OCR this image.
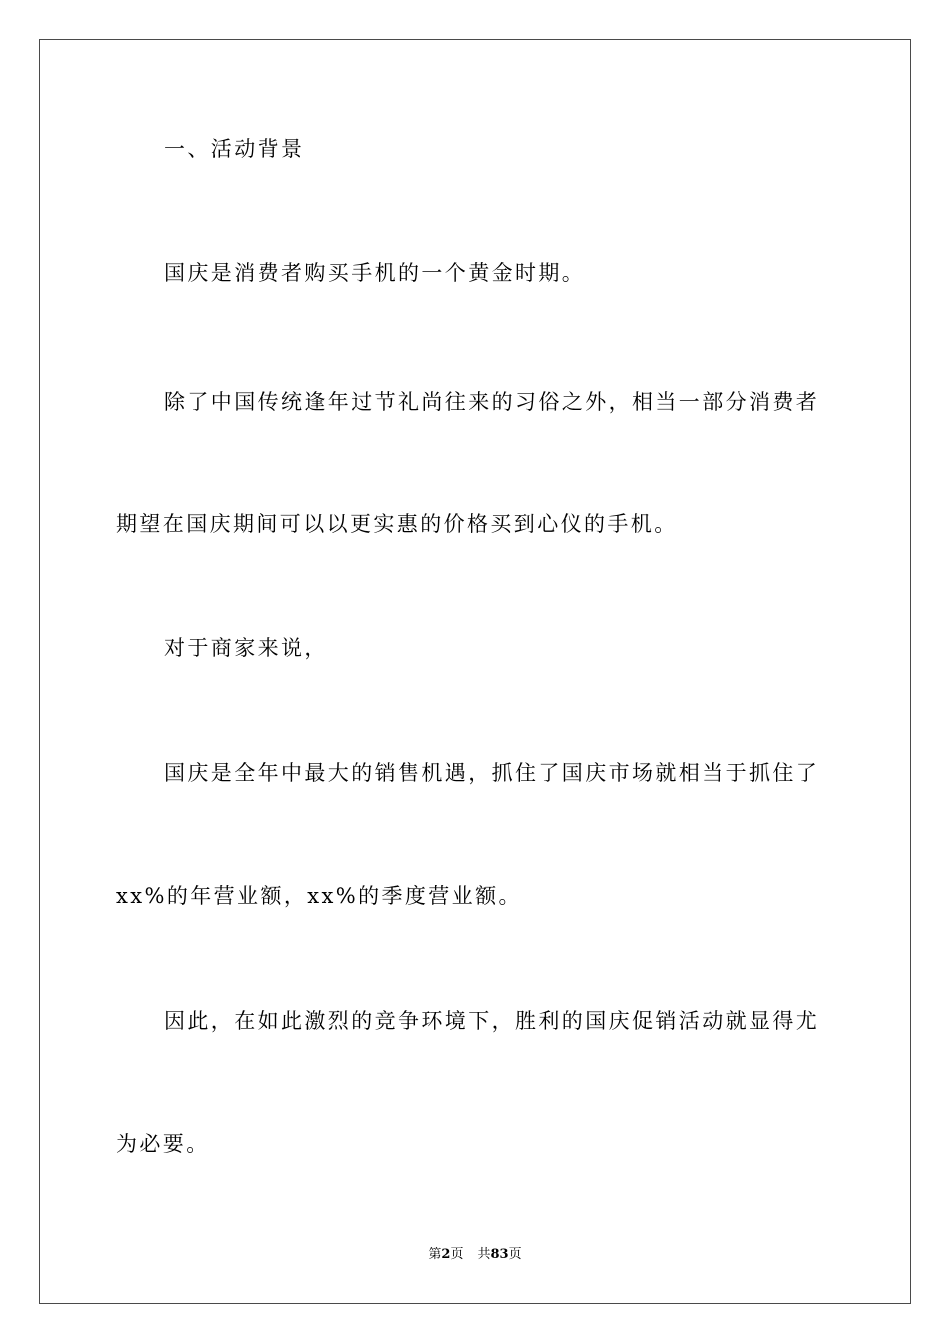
一、活动背景

国庆是消费者购买手机的一个黄金时期。

除了中国传统逢年过节礼尚往来的习俗之外，相当一部分消费者

期望在国庆期间可以以更实惠的价格买到心仪的手机。

对于商家来说，

国庆是全年中最大的销售机遇，抓住了国庆市场就相当于抓住了

xx%的年营业额，xx%的季度营业额。

因此，在如此激烈的竞争环境下，胜利的国庆促销活动就显得尤

为必要。

第2页 共83页
